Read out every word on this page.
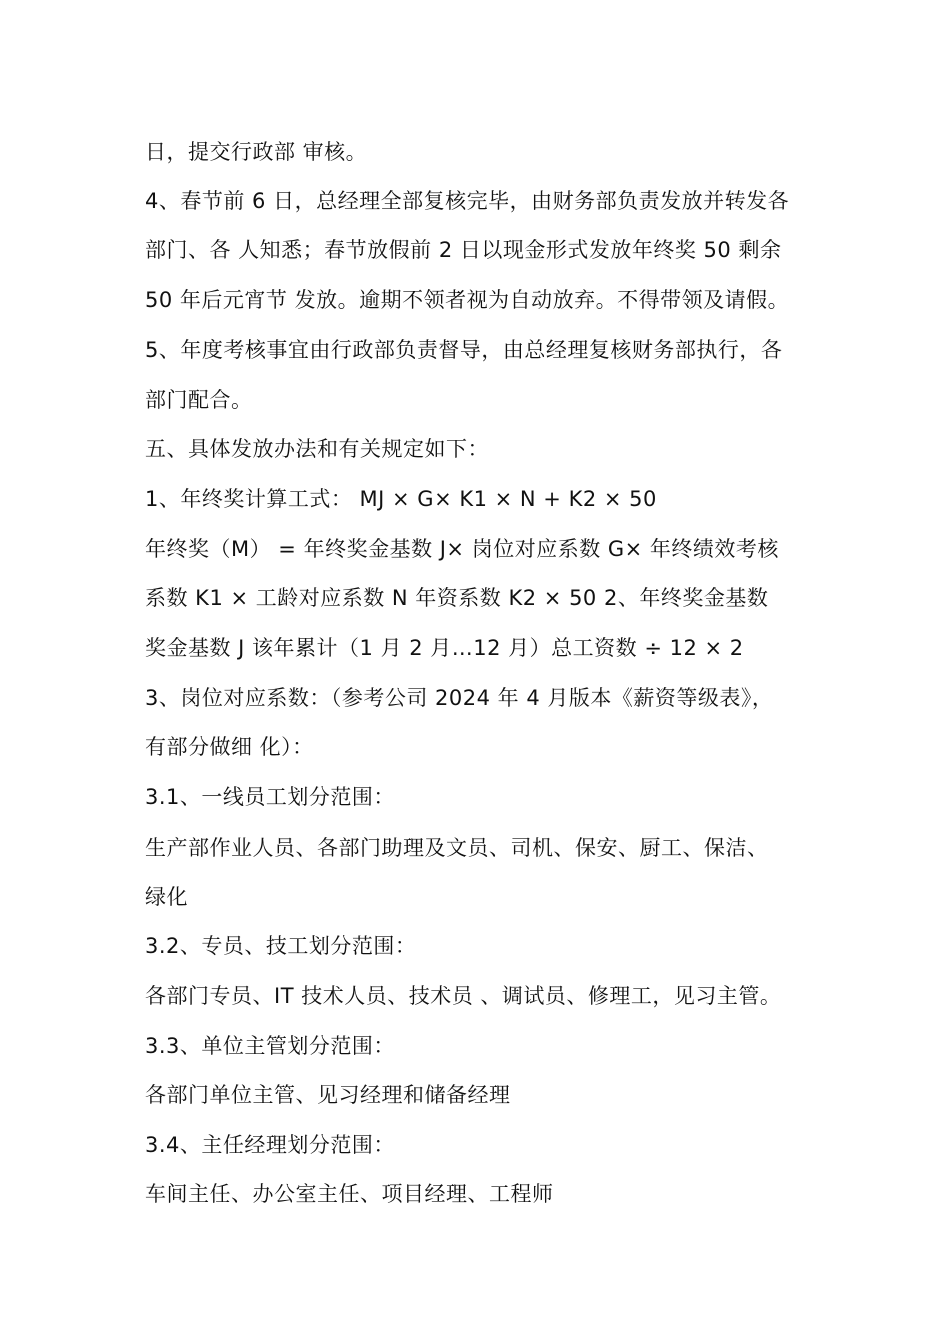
日，提交行政部 审核。
4、春节前 6 日，总经理全部复核完毕，由财务部负责发放并转发各
部门、各 人知悉；春节放假前 2 日以现金形式发放年终奖 50 剩余
50 年后元宵节 发放。逾期不领者视为自动放弃。不得带领及请假。
5、年度考核事宜由行政部负责督导，由总经理复核财务部执行，各
部门配合。
五、具体发放办法和有关规定如下：
1、年终奖计算工式： MJ × G× K1 × N + K2 × 50
年终奖（M） = 年终奖金基数 J× 岗位对应系数 G× 年终绩效考核
系数 K1 × 工龄对应系数 N 年资系数 K2 × 50 2、年终奖金基数
奖金基数 J 该年累计（1 月 2 月…12 月）总工资数 ÷ 12 × 2
3、岗位对应系数：（参考公司 2024 年 4 月版本《薪资等级表》，
有部分做细 化）：
3.1、一线员工划分范围：
生产部作业人员、各部门助理及文员、司机、保安、厨工、保洁、
绿化
3.2、专员、技工划分范围：
各部门专员、IT 技术人员、技术员 、调试员、修理工，见习主管。
3.3、单位主管划分范围：
各部门单位主管、见习经理和储备经理
3.4、主任经理划分范围：
车间主任、办公室主任、项目经理、工程师
